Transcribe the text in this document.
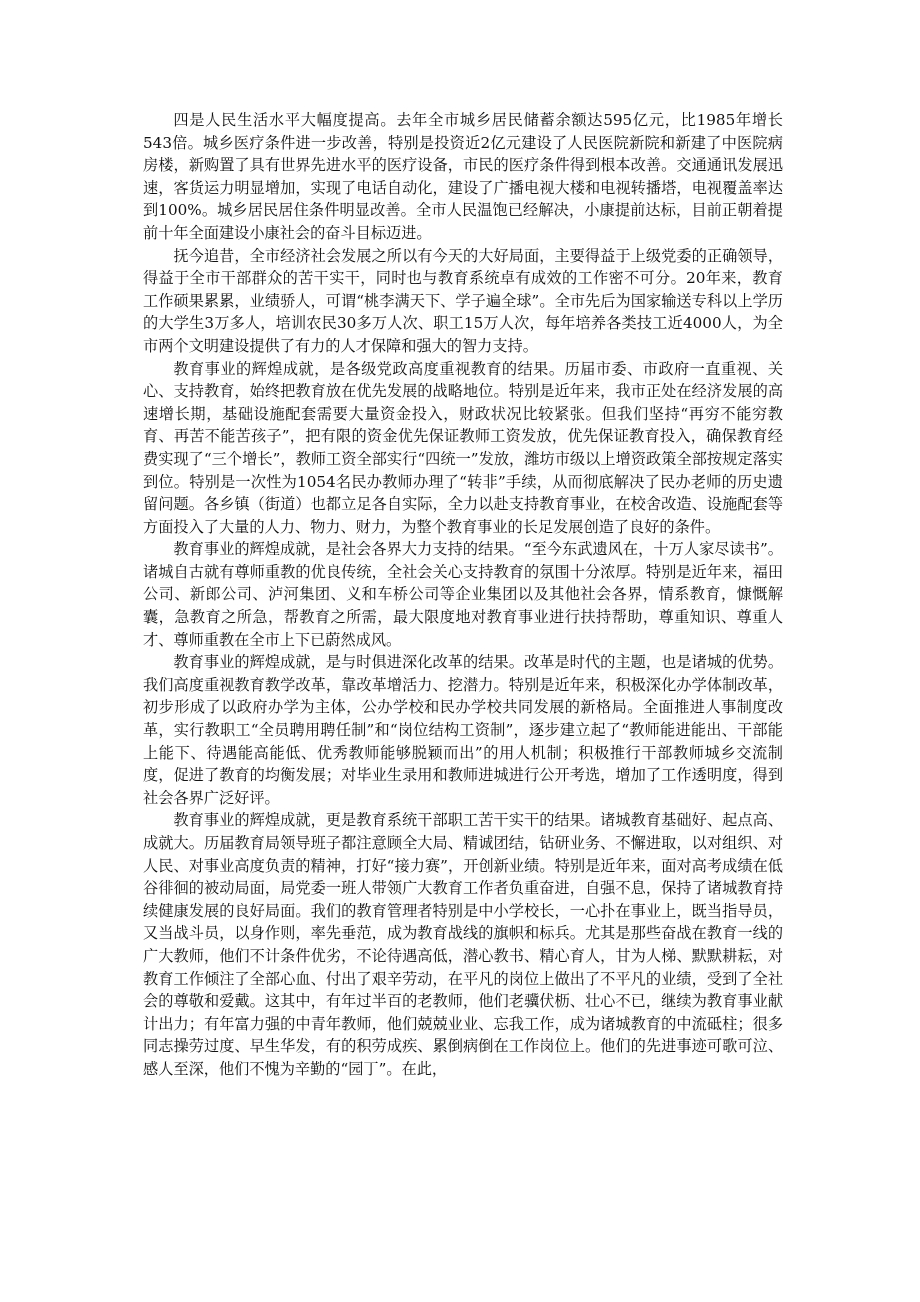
四是人民生活水平大幅度提高。去年全市城乡居民储蓄余额达595亿元，比1985年增长543倍。城乡医疗条件进一步改善，特别是投资近2亿元建设了人民医院新院和新建了中医院病房楼，新购置了具有世界先进水平的医疗设备，市民的医疗条件得到根本改善。交通通讯发展迅速，客货运力明显增加，实现了电话自动化，建设了广播电视大楼和电视转播塔，电视覆盖率达到100%。城乡居民居住条件明显改善。全市人民温饱已经解决，小康提前达标，目前正朝着提前十年全面建设小康社会的奋斗目标迈进。

抚今追昔，全市经济社会发展之所以有今天的大好局面，主要得益于上级党委的正确领导，得益于全市干部群众的苦干实干，同时也与教育系统卓有成效的工作密不可分。20年来，教育工作硕果累累，业绩骄人，可谓“桃李满天下、学子遍全球”。全市先后为国家输送专科以上学历的大学生3万多人，培训农民30多万人次、职工15万人次，每年培养各类技工近4000人，为全市两个文明建设提供了有力的人才保障和强大的智力支持。

教育事业的辉煌成就，是各级党政高度重视教育的结果。历届市委、市政府一直重视、关心、支持教育，始终把教育放在优先发展的战略地位。特别是近年来，我市正处在经济发展的高速增长期，基础设施配套需要大量资金投入，财政状况比较紧张。但我们坚持“再穷不能穷教育、再苦不能苦孩子”，把有限的资金优先保证教师工资发放，优先保证教育投入，确保教育经费实现了“三个增长”，教师工资全部实行“四统一”发放，潍坊市级以上增资政策全部按规定落实到位。特别是一次性为1054名民办教师办理了“转非”手续，从而彻底解决了民办老师的历史遗留问题。各乡镇（街道）也都立足各自实际，全力以赴支持教育事业，在校舍改造、设施配套等方面投入了大量的人力、物力、财力，为整个教育事业的长足发展创造了良好的条件。

教育事业的辉煌成就，是社会各界大力支持的结果。“至今东武遗风在，十万人家尽读书”。诸城自古就有尊师重教的优良传统，全社会关心支持教育的氛围十分浓厚。特别是近年来，福田公司、新郎公司、泸河集团、义和车桥公司等企业集团以及其他社会各界，情系教育，慷慨解囊，急教育之所急，帮教育之所需，最大限度地对教育事业进行扶持帮助，尊重知识、尊重人才、尊师重教在全市上下已蔚然成风。

教育事业的辉煌成就，是与时俱进深化改革的结果。改革是时代的主题，也是诸城的优势。我们高度重视教育教学改革，靠改革增活力、挖潜力。特别是近年来，积极深化办学体制改革，初步形成了以政府办学为主体，公办学校和民办学校共同发展的新格局。全面推进人事制度改革，实行教职工“全员聘用聘任制”和“岗位结构工资制”，逐步建立起了“教师能进能出、干部能上能下、待遇能高能低、优秀教师能够脱颖而出”的用人机制；积极推行干部教师城乡交流制度，促进了教育的均衡发展；对毕业生录用和教师进城进行公开考选，增加了工作透明度，得到社会各界广泛好评。

教育事业的辉煌成就，更是教育系统干部职工苦干实干的结果。诸城教育基础好、起点高、成就大。历届教育局领导班子都注意顾全大局、精诚团结，钻研业务、不懈进取，以对组织、对人民、对事业高度负责的精神，打好“接力赛”，开创新业绩。特别是近年来，面对高考成绩在低谷徘徊的被动局面，局党委一班人带领广大教育工作者负重奋进，自强不息，保持了诸城教育持续健康发展的良好局面。我们的教育管理者特别是中小学校长，一心扑在事业上，既当指导员，又当战斗员，以身作则，率先垂范，成为教育战线的旗帜和标兵。尤其是那些奋战在教育一线的广大教师，他们不计条件优劣，不论待遇高低，潜心教书、精心育人，甘为人梯、默默耕耘，对教育工作倾注了全部心血、付出了艰辛劳动，在平凡的岗位上做出了不平凡的业绩，受到了全社会的尊敬和爱戴。这其中，有年过半百的老教师，他们老骥伏枥、壮心不已，继续为教育事业献计出力；有年富力强的中青年教师，他们兢兢业业、忘我工作，成为诸城教育的中流砥柱；很多同志操劳过度、早生华发，有的积劳成疾、累倒病倒在工作岗位上。他们的先进事迹可歌可泣、感人至深，他们不愧为辛勤的“园丁”。在此，
